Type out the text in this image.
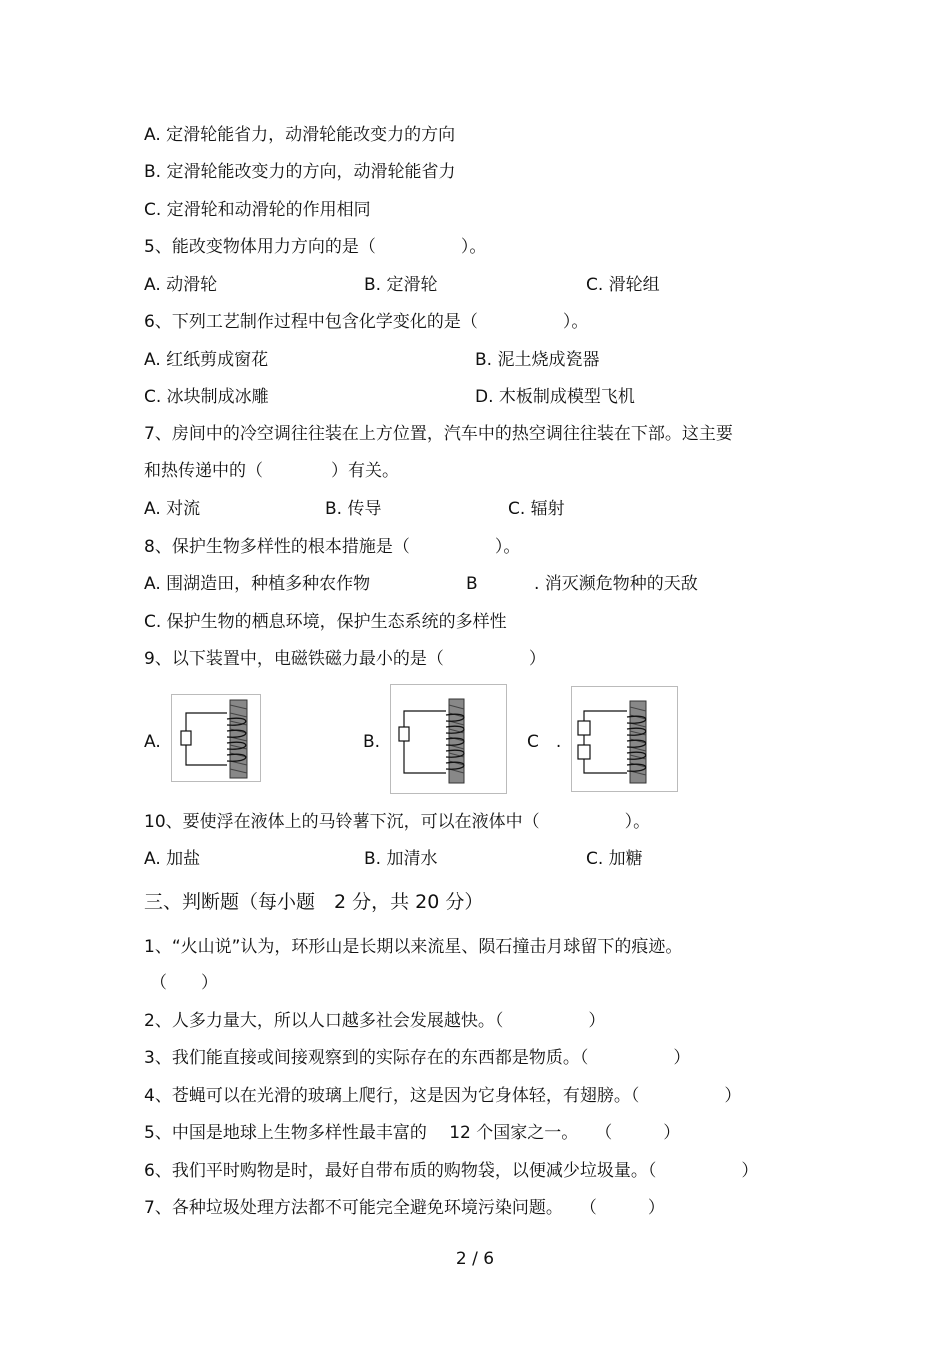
A. 定滑轮能省力，动滑轮能改变力的方向
B. 定滑轮能改变力的方向，动滑轮能省力
C. 定滑轮和动滑轮的作用相同
5、能改变物体用力方向的是（　　　　　）。
A. 动滑轮	B. 定滑轮	C. 滑轮组
6、下列工艺制作过程中包含化学变化的是（　　　　　）。
A. 红纸剪成窗花	B. 泥土烧成瓷器
C. 冰块制成冰雕	D. 木板制成模型飞机
7、房间中的冷空调往往装在上方位置，汽车中的热空调往往装在下部。这主要
和热传递中的（　　　　）有关。
A. 对流	B. 传导	C. 辐射
8、保护生物多样性的根本措施是（　　　　　）。
A. 围湖造田，种植多种农作物	B	. 消灭濒危物种的天敌
C. 保护生物的栖息环境，保护生态系统的多样性
9、以下装置中，电磁铁磁力最小的是（　　　　　）
A.	B.	C　.
10、要使浮在液体上的马铃薯下沉，可以在液体中（　　　　　）。
A. 加盐	B. 加清水	C. 加糖
三、判断题（每小题　2 分，共 20 分）
1、“火山说”认为，环形山是长期以来流星、陨石撞击月球留下的痕迹。
（　　）
2、人多力量大，所以人口越多社会发展越快。（　　　　　）
3、我们能直接或间接观察到的实际存在的东西都是物质。（　　　　　）
4、苍蝇可以在光滑的玻璃上爬行，这是因为它身体轻，有翅膀。（　　　　　）
5、中国是地球上生物多样性最丰富的　 12 个国家之一。　　（　　　）
6、我们平时购物是时，最好自带布质的购物袋，以便减少垃圾量。（　　　　　）
7、各种垃圾处理方法都不可能完全避免环境污染问题。　　（　　　）
2 / 6
